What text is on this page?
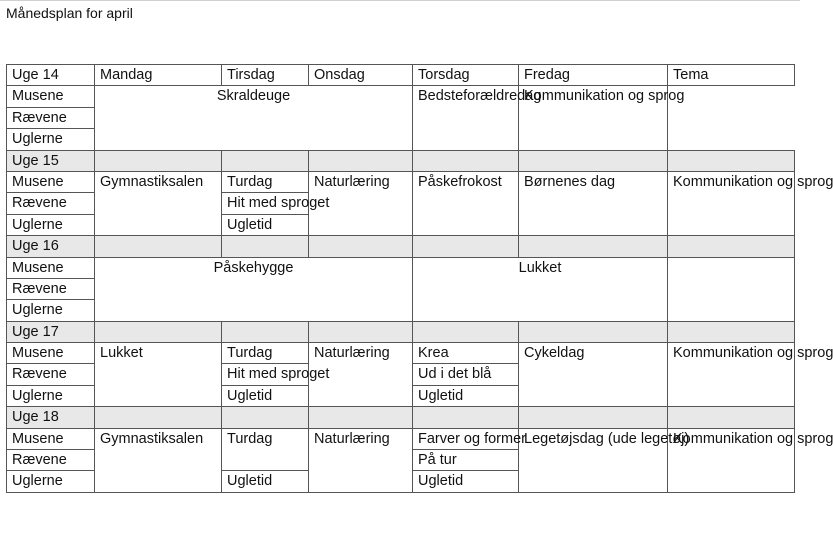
Månedsplan for april
Uge 14	Mandag	Tirsdag	Onsdag	Torsdag	Fredag	Tema
Musene	Skraldeuge			Bedsteforældredag	Kommunikation og sprog	
Rævene						
Uglerne						
Uge 15						
Musene	Gymnastiksalen	Turdag	Naturlæring	Påskefrokost	Børnenes dag	Kommunikation og sprog
Rævene		Hit med sproget				

Uglerne		Ugletid				
Uge 16						
Musene	Påskehygge			Lukket		
Rævene						
Uglerne						
Uge 17						
Musene	Lukket	Turdag	Naturlæring	Krea	Cykeldag	Kommunikation og sprog
Rævene		Hit med sproget		Ud i det blå		

Uglerne		Ugletid		Ugletid		
Uge 18						
Musene	Gymnastiksalen	Turdag	Naturlæring	Farver og former	Legetøjsdag (ude legetøj)	Kommunikation og sprog

Rævene				På tur		
Uglerne		Ugletid		Ugletid		
